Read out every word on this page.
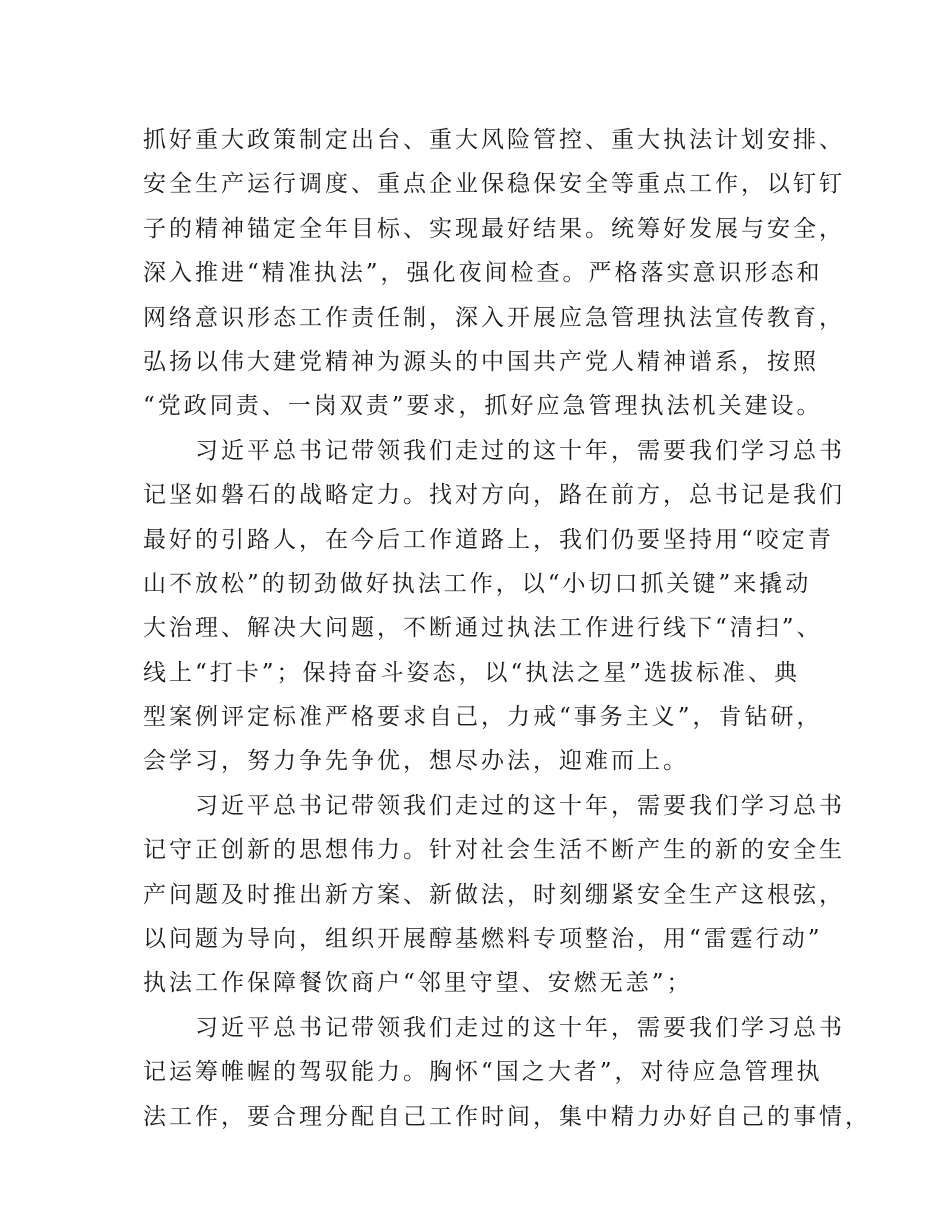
抓好重大政策制定出台、重大风险管控、重大执法计划安排、
安全生产运行调度、重点企业保稳保安全等重点工作，以钉钉
子的精神锚定全年目标、实现最好结果。统筹好发展与安全，
深入推进“精准执法”，强化夜间检查。严格落实意识形态和
网络意识形态工作责任制，深入开展应急管理执法宣传教育，
弘扬以伟大建党精神为源头的中国共产党人精神谱系，按照
“党政同责、一岗双责”要求，抓好应急管理执法机关建设。
习近平总书记带领我们走过的这十年，需要我们学习总书
记坚如磐石的战略定力。找对方向，路在前方，总书记是我们
最好的引路人，在今后工作道路上，我们仍要坚持用“咬定青
山不放松”的韧劲做好执法工作，以“小切口抓关键”来撬动
大治理、解决大问题，不断通过执法工作进行线下“清扫”、
线上“打卡”；保持奋斗姿态，以“执法之星”选拔标准、典
型案例评定标准严格要求自己，力戒“事务主义”，肯钻研，
会学习，努力争先争优，想尽办法，迎难而上。
习近平总书记带领我们走过的这十年，需要我们学习总书
记守正创新的思想伟力。针对社会生活不断产生的新的安全生
产问题及时推出新方案、新做法，时刻绷紧安全生产这根弦，
以问题为导向，组织开展醇基燃料专项整治，用“雷霆行动”
执法工作保障餐饮商户“邻里守望、安燃无恙”；
习近平总书记带领我们走过的这十年，需要我们学习总书
记运筹帷幄的驾驭能力。胸怀“国之大者”，对待应急管理执
法工作，要合理分配自己工作时间，集中精力办好自己的事情，
